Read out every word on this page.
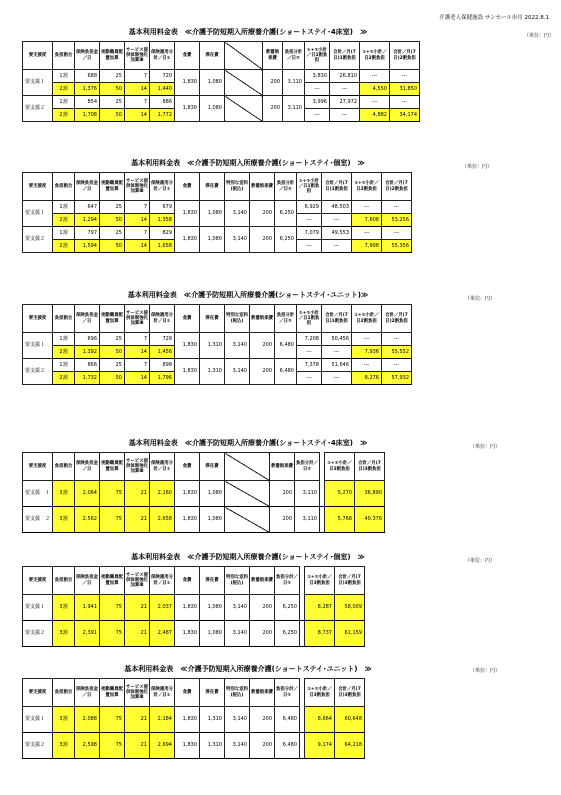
介護老人保健施設 サンセール市川 2022.8.1
基本利用料金表　≪介護予防短期入所療養介護(ショートステイ･4床室)　≫	（単位：円）
要支援度	負担割合	保険負担金／日	夜勤職員配置加算	サービス提供体制強化加算Ⅲ	保険適用分計／日①	食費	滞在費		教養娯楽費	負担分計／日②	①+②小計／日1割負担	合計／月(7日)1割負担	①+②小計／日2割負担	合計／月(7日)2割負担
要支援１	1割	688	25	7	720	1,830	1,080		200	3,110	3,830	26,810	---	---
	2割	1,376	50	14	1,440						---	---	4,550	31,850
要支援２	1割	854	25	7	886	1,830	1,080		200	3,110	3,996	27,972	---	---
	2割	1,708	50	14	1,772						---	---	4,882	34,174
基本利用料金表　≪介護予防短期入所療養介護(ショートステイ･個室)　≫	（単位：円）
要支援度	負担割合	保険負担金／日	夜勤職員配置加算	サービス提供体制強化加算Ⅲ	保険適用分計／日①	食費	滞在費	特別な室料(税込)	教養娯楽費	負担分計／日②	①+②小計／日1割負担	合計／月(7日)1割負担	①+②小計／日2割負担	合計／月(7日)2割負担
要支援１	1割	647	25	7	679	1,830	1,080	3,140	200	6,250	6,929	48,503	---	---
	2割	1,294	50	14	1,358						---	---	7,608	53,256
要支援２	1割	797	25	7	829	1,830	1,080	3,140	200	6,250	7,079	49,553	---	---
	2割	1,594	50	14	1,658						---	---	7,908	55,356
基本利用料金表　≪介護予防短期入所療養介護(ショートステイ･ユニット)≫	（単位：円）
要支援度	負担割合	保険負担金／日	夜勤職員配置加算	サービス提供体制強化加算Ⅲ	保険適用分計／日①	食費	滞在費	特別な室料(税込)	教養娯楽費	負担分計／日②	①+②小計／日1割負担	合計／月(7日)1割負担	①+②小計／日2割負担	合計／月(7日)2割負担
要支援１	1割	696	25	7	728	1,830	1,310	3,140	200	6,480	7,208	50,456	---	---
	2割	1,392	50	14	1,456						---	---	7,936	55,552
要支援２	1割	866	25	7	898	1,830	1,310	3,140	200	6,480	7,378	51,646	---	---
	2割	1,732	50	14	1,796						---	---	8,276	57,932
基本利用料金表　≪介護予防短期入所療養介護(ショートステイ･4床室)　≫	（単位：円）
要支援度	負担割合	保険負担金／日	夜勤職員配置加算	サービス提供体制強化加算Ⅲ	保険適用分計／日①	食費	滞在費		教養娯楽費	負担分計／日②		①+②小計／日3割負担	合計／月(7日)3割負担
要支援　１	3割	2,064	75	21	2,160	1,830	1,080		200	3,110		5,270	36,890
要支援　２	3割	2,562	75	21	2,658	1,830	1,080		200	3,110		5,768	40,376
基本利用料金表　≪介護予防短期入所療養介護(ショートステイ･個室)　≫	（単位：円）
要支援度	負担割合	保険負担金／日	夜勤職員配置加算	サービス提供体制強化加算Ⅲ	保険適用分計／日①	食費	滞在費	特別な室料(税込)	教養娯楽費	負担分計／日②		①+②小計／日3割負担	合計／月(7日)3割負担
要支援１	3割	1,941	75	21	2,037	1,830	1,080	3,140	200	6,250		8,287	58,009
要支援２	3割	2,391	75	21	2,487	1,830	1,080	3,140	200	6,250		8,737	61,159
基本利用料金表　≪介護予防短期入所療養介護(ショートステイ･ユニット)　≫	（単位：円）
要支援度	負担割合	保険負担金／日	夜勤職員配置加算	サービス提供体制強化加算Ⅲ	保険適用分計／日①	食費	滞在費	特別な室料(税込)	教養娯楽費	負担分計／日②		①+②小計／日3割負担	合計／月(7日)3割負担
要支援１	3割	2,088	75	21	2,184	1,830	1,310	3,140	200	6,480		8,664	60,648
要支援２	3割	2,598	75	21	2,694	1,830	1,310	3,140	200	6,480		9,174	64,218
